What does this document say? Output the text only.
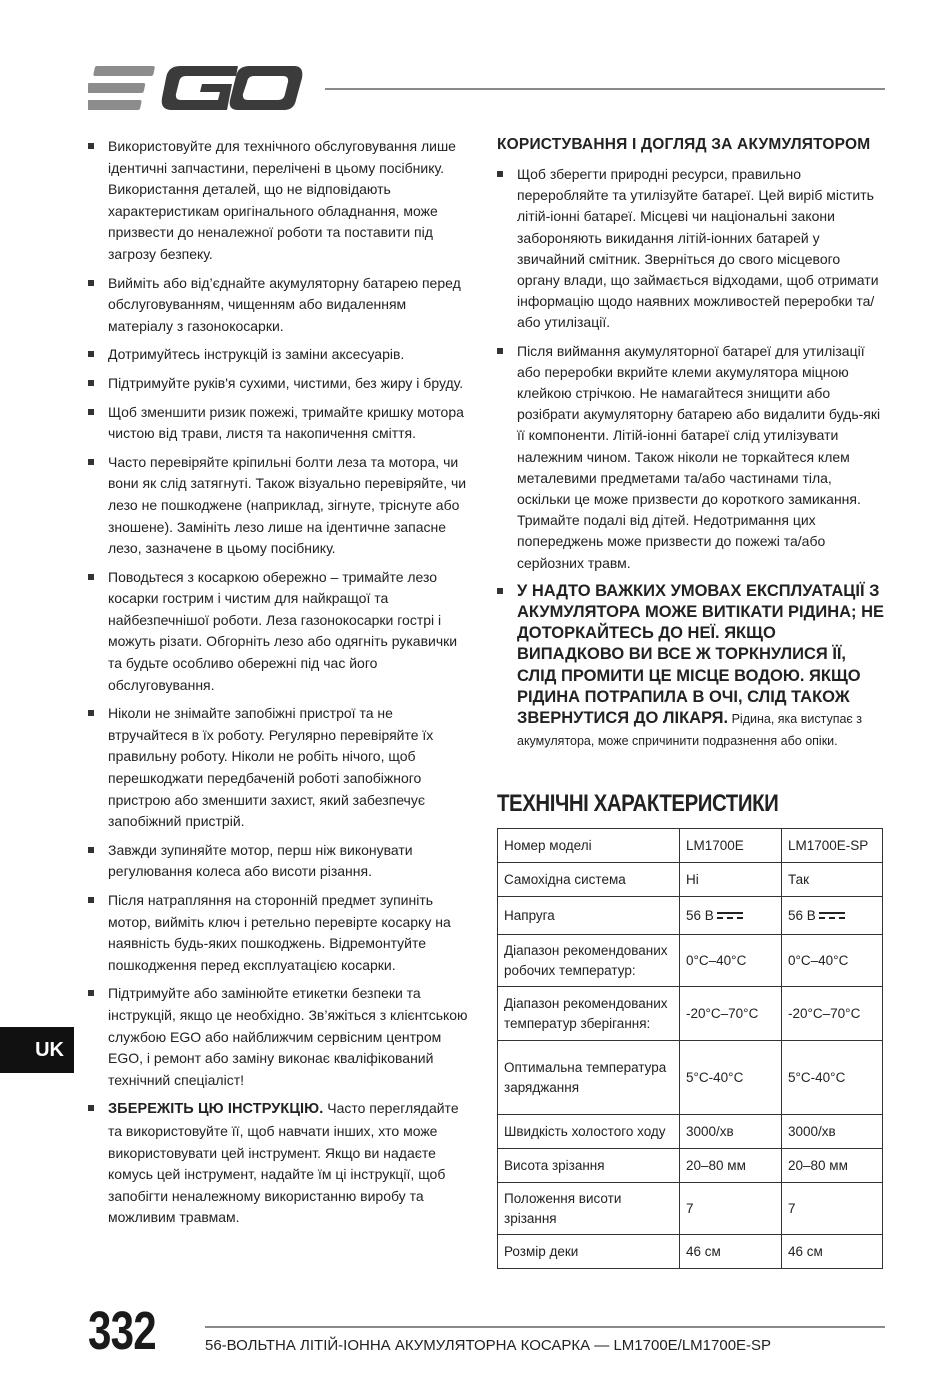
Використовуйте для технічного обслуговування лише ідентичні запчастини, перелічені в цьому посібнику. Використання деталей, що не відповідають характеристикам оригінального обладнання, може призвести до неналежної роботи та поставити під загрозу безпеку.
Вийміть або від’єднайте акумуляторну батарею перед обслуговуванням, чищенням або видаленням матеріалу з газонокосарки.
Дотримуйтесь інструкцій із заміни аксесуарів.
Підтримуйте руків'я сухими, чистими, без жиру і бруду.
Щоб зменшити ризик пожежі, тримайте кришку мотора чистою від трави, листя та накопичення сміття.
Часто перевіряйте кріпильні болти леза та мотора, чи вони як слід затягнуті. Також візуально перевіряйте, чи лезо не пошкоджене (наприклад, зігнуте, тріснуте або зношене). Замініть лезо лише на ідентичне запасне лезо, зазначене в цьому посібнику.
Поводьтеся з косаркою обережно – тримайте лезо косарки гострим і чистим для найкращої та найбезпечнішої роботи. Леза газонокосарки гострі і можуть різати. Обгорніть лезо або одягніть рукавички та будьте особливо обережні під час його обслуговування.
Ніколи не знімайте запобіжні пристрої та не втручайтеся в їх роботу. Регулярно перевіряйте їх правильну роботу. Ніколи не робіть нічого, щоб перешкоджати передбаченій роботі запобіжного пристрою або зменшити захист, який забезпечує запобіжний пристрій.
Завжди зупиняйте мотор, перш ніж виконувати регулювання колеса або висоти різання.
Після натрапляння на сторонній предмет зупиніть мотор, вийміть ключ і ретельно перевірте косарку на наявність будь-яких пошкоджень. Відремонтуйте пошкодження перед експлуатацією косарки.
Підтримуйте або замінюйте етикетки безпеки та інструкцій, якщо це необхідно. Зв’яжіться з клієнтською службою EGO або найближчим сервісним центром EGO, і ремонт або заміну виконає кваліфікований технічний спеціаліст!
ЗБЕРЕЖІТЬ ЦЮ ІНСТРУКЦІЮ. Часто переглядайте та використовуйте її, щоб навчати інших, хто може використовувати цей інструмент. Якщо ви надаєте комусь цей інструмент, надайте їм ці інструкції, щоб запобігти неналежному використанню виробу та можливим травмам.
КОРИСТУВАННЯ І ДОГЛЯД ЗА АКУМУЛЯТОРОМ
Щоб зберегти природні ресурси, правильно переробляйте та утилізуйте батареї. Цей виріб містить літій-іонні батареї. Місцеві чи національні закони забороняють викидання літій-іонних батарей у звичайний смітник. Зверніться до свого місцевого органу влади, що займається відходами, щоб отримати інформацію щодо наявних можливостей переробки та/або утилізації.
Після виймання акумуляторної батареї для утилізації або переробки вкрийте клеми акумулятора міцною клейкою стрічкою. Не намагайтеся знищити або розібрати акумуляторну батарею або видалити будь-які її компоненти. Літій-іонні батареї слід утилізувати належним чином. Також ніколи не торкайтеся клем металевими предметами та/або частинами тіла, оскільки це може призвести до короткого замикання. Тримайте подалі від дітей. Недотримання цих попереджень може призвести до пожежі та/або серйозних травм.
У НАДТО ВАЖКИХ УМОВАХ ЕКСПЛУАТАЦІЇ З АКУМУЛЯТОРА МОЖЕ ВИТІКАТИ РІДИНА; НЕ ДОТОРКАЙТЕСЬ ДО НЕЇ. ЯКЩО ВИПАДКОВО ВИ ВСЕ Ж ТОРКНУЛИСЯ ЇЇ, СЛІД ПРОМИТИ ЦЕ МІСЦЕ ВОДОЮ. ЯКЩО РІДИНА ПОТРАПИЛА В ОЧІ, СЛІД ТАКОЖ ЗВЕРНУТИСЯ ДО ЛІКАРЯ. Рідина, яка виступає з акумулятора, може спричинити подразнення або опіки.
ТЕХНІЧНІ ХАРАКТЕРИСТИКИ
Номер моделі	LM1700E	LM1700E-SP
Самохідна система	Ні	Так
Напруга	56 В	56 В
Діапазон рекомендованих робочих температур:	0°C–40°C	0°C–40°C
Діапазон рекомендованих температур зберігання:	-20°C–70°C	-20°C–70°C
Оптимальна температура заряджання	5°C-40°C	5°C-40°C
Швидкість холостого ходу	3000/хв	3000/хв
Висота зрізання	20–80 мм	20–80 мм
Положення висоти зрізання	7	7
Розмір деки	46 см	46 см
UK
332	56-ВОЛЬТНА ЛІТІЙ-ІОННА АКУМУЛЯТОРНА КОСАРКА — LM1700E/LM1700E-SP
